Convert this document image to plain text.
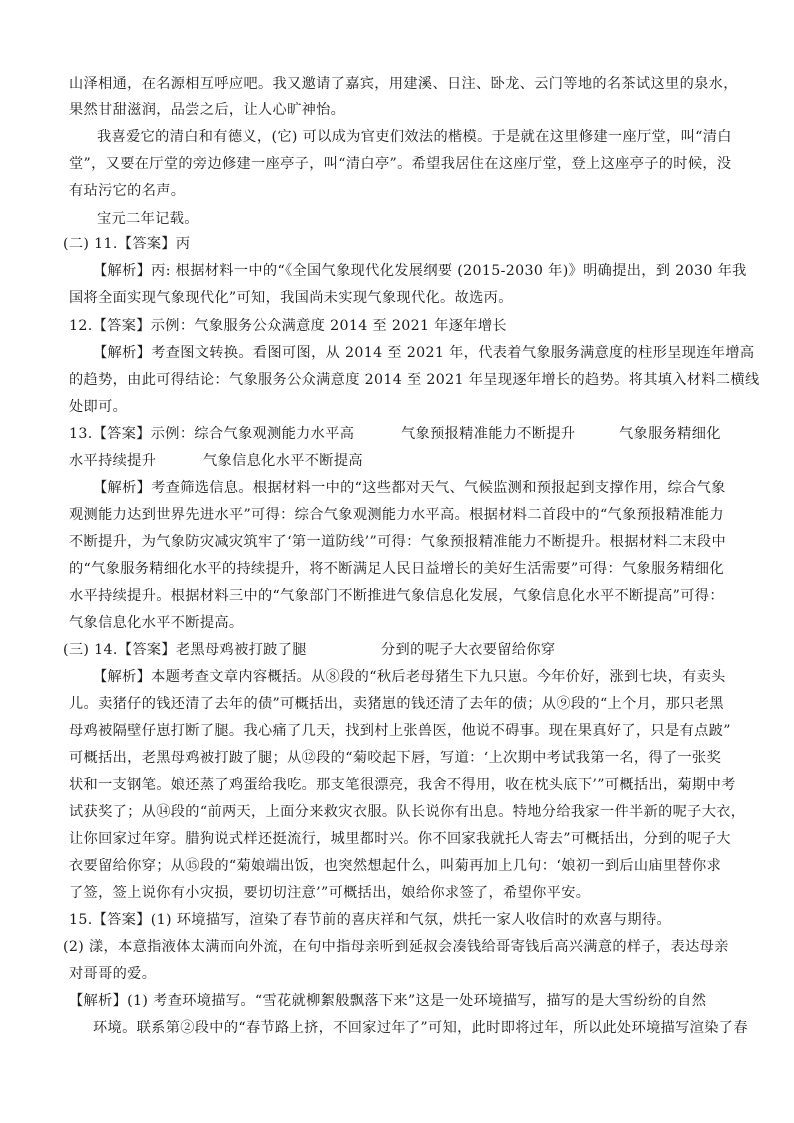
山泽相通，在名源相互呼应吧。我又邀请了嘉宾，用建溪、日注、卧龙、云门等地的名茶试这里的泉水，
果然甘甜滋润，品尝之后，让人心旷神怡。
我喜爱它的清白和有德义，(它) 可以成为官吏们效法的楷模。于是就在这里修建一座厅堂，叫“清白
堂”，又要在厅堂的旁边修建一座亭子，叫“清白亭”。希望我居住在这座厅堂，登上这座亭子的时候，没
有玷污它的名声。
宝元二年记载。
(二) 11.【答案】丙
【解析】丙: 根据材料一中的“《全国气象现代化发展纲要 (2015-2030 年)》明确提出，到 2030 年我
国将全面实现气象现代化”可知，我国尚未实现气象现代化。故选丙。
12.【答案】示例：气象服务公众满意度 2014 至 2021 年逐年增长
【解析】考查图文转换。看图可图，从 2014 至 2021 年，代表着气象服务满意度的柱形呈现连年增高
的趋势，由此可得结论：气象服务公众满意度 2014 至 2021 年呈现逐年增长的趋势。将其填入材料二横线
处即可。
13.【答案】示例：综合气象观测能力水平高	气象预报精准能力不断提升	气象服务精细化
水平持续提升	气象信息化水平不断提高
【解析】考查筛选信息。根据材料一中的“这些都对天气、气候监测和预报起到支撑作用，综合气象
观测能力达到世界先进水平”可得：综合气象观测能力水平高。根据材料二首段中的“气象预报精准能力
不断提升，为气象防灾减灾筑牢了‘第一道防线’”可得：气象预报精准能力不断提升。根据材料二末段中
的“气象服务精细化水平的持续提升，将不断满足人民日益增长的美好生活需要”可得：气象服务精细化
水平持续提升。根据材料三中的“气象部门不断推进气象信息化发展，气象信息化水平不断提高”可得：
气象信息化水平不断提高。
(三) 14.【答案】老黑母鸡被打跛了腿	分到的呢子大衣要留给你穿
【解析】本题考查文章内容概括。从⑧段的“秋后老母猪生下九只崽。今年价好，涨到七块，有卖头
儿。卖猪仔的钱还清了去年的债”可概括出，卖猪崽的钱还清了去年的债；从⑨段的“上个月，那只老黑
母鸡被隔壁仔崽打断了腿。我心痛了几天，找到村上张兽医，他说不碍事。现在果真好了，只是有点跛”
可概括出，老黑母鸡被打跛了腿；从⑫段的“菊咬起下唇，写道：‘上次期中考试我第一名，得了一张奖
状和一支钢笔。娘还蒸了鸡蛋给我吃。那支笔很漂亮，我舍不得用，收在枕头底下’”可概括出，菊期中考
试获奖了；从⑭段的“前两天，上面分来救灾衣服。队长说你有出息。特地分给我家一件半新的呢子大衣，
让你回家过年穿。腊狗说式样还挺流行，城里都时兴。你不回家我就托人寄去”可概括出，分到的呢子大
衣要留给你穿；从⑮段的“菊娘端出饭，也突然想起什么，叫菊再加上几句：‘娘初一到后山庙里替你求
了签，签上说你有小灾损，要切切注意’”可概括出，娘给你求签了，希望你平安。
15.【答案】(1) 环境描写，渲染了春节前的喜庆祥和气氛，烘托一家人收信时的欢喜与期待。
(2) 漾，本意指液体太满而向外流，在句中指母亲听到延叔会凑钱给哥寄钱后高兴满意的样子，表达母亲
对哥哥的爱。
【解析】(1) 考查环境描写。“雪花就柳絮般飘落下来”这是一处环境描写，描写的是大雪纷纷的自然
环境。联系第②段中的“春节路上挤，不回家过年了”可知，此时即将过年，所以此处环境描写渲染了春
